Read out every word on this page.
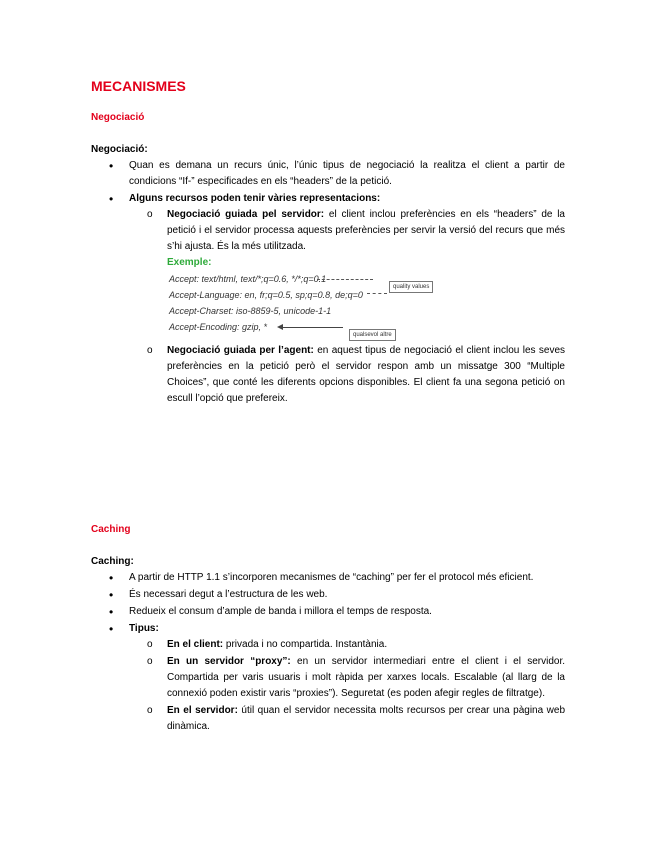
MECANISMES
Negociació
Negociació:
• Quan es demana un recurs únic, l’únic tipus de negociació la realitza el client a partir de condicions “If-” especificades en els “headers” de la petició.
• Alguns recursos poden tenir vàries representacions:
o Negociació guiada pel servidor: el client inclou preferències en els “headers” de la petició i el servidor processa aquests preferències per servir la versió del recurs que més s’hi ajusta. És la més utilitzada.
Exemple:
Accept: text/html, text/*;q=0.6, */*;q=0.1
Accept-Language: en, fr;q=0.5, sp;q=0.8, de;q=0
Accept-Charset: iso-8859-5, unicode-1-1
Accept-Encoding: gzip, *
quality values
qualsevol altre
o Negociació guiada per l’agent: en aquest tipus de negociació el client inclou les seves preferències en la petició però el servidor respon amb un missatge 300 “Multiple Choices”, que conté les diferents opcions disponibles. El client fa una segona petició on escull l’opció que prefereix.
Caching
Caching:
• A partir de HTTP 1.1 s’incorporen mecanismes de “caching” per fer el protocol més eficient.
• És necessari degut a l’estructura de les web.
• Redueix el consum d’ample de banda i millora el temps de resposta.
• Tipus:
o En el client: privada i no compartida. Instantània.
o En un servidor “proxy”: en un servidor intermediari entre el client i el servidor. Compartida per varis usuaris i molt ràpida per xarxes locals. Escalable (al llarg de la connexió poden existir varis “proxies”). Seguretat (es poden afegir regles de filtratge).
o En el servidor: útil quan el servidor necessita molts recursos per crear una pàgina web dinàmica.
